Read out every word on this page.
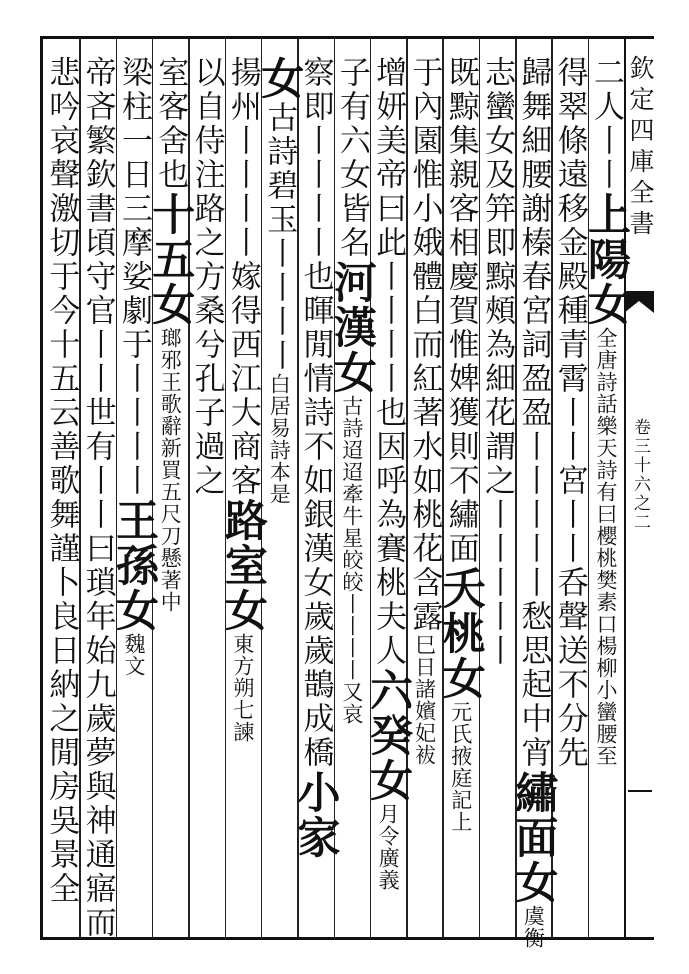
欽定四庫全書
卷三十六之二
二人丨丨上陽女全唐詩話樂天詩有曰櫻桃樊素口楊柳小蠻腰至
得翠條遠移金殿種青霄丨丨宮丨丨呑聲送不分先
歸舞細腰謝榛春宮詞盈盈丨丨丨丨丨愁思起中宵繡面女虞衡
志蠻女及笄即黥頰為細花謂之丨丨丨丨丨
既黥集親客相慶賀惟婢獲則不繡面夭桃女元氏掖庭記上
于內園惟小娥體白而紅著水如桃花含露巳日諸嬪妃袚
增妍美帝曰此丨丨丨丨也因呼為賽桃夫人六癸女月令廣義
子有六女皆名河漢女古詩迢迢牽牛星皎皎丨丨丨丨又哀
察即丨丨丨丨也暉閒情詩不如銀漢女歲歲鵲成橋小家
女古詩碧玉丨丨丨丨白居易詩本是
揚州丨丨丨丨嫁得西江大商客路室女東方朔七諫
以自侍注路之方桑兮孔子過之
室客舍也十五女瑯邪王歌辭新買五尺刀懸著中
梁柱一日三摩娑劇于丨丨丨丨王孫女魏文
帝吝繁欽書頃守官丨丨世有丨丨曰瑣年始九歲夢與神通寤而
悲吟哀聲激切于今十五云善歌舞謹卜良日納之閒房吳景全
